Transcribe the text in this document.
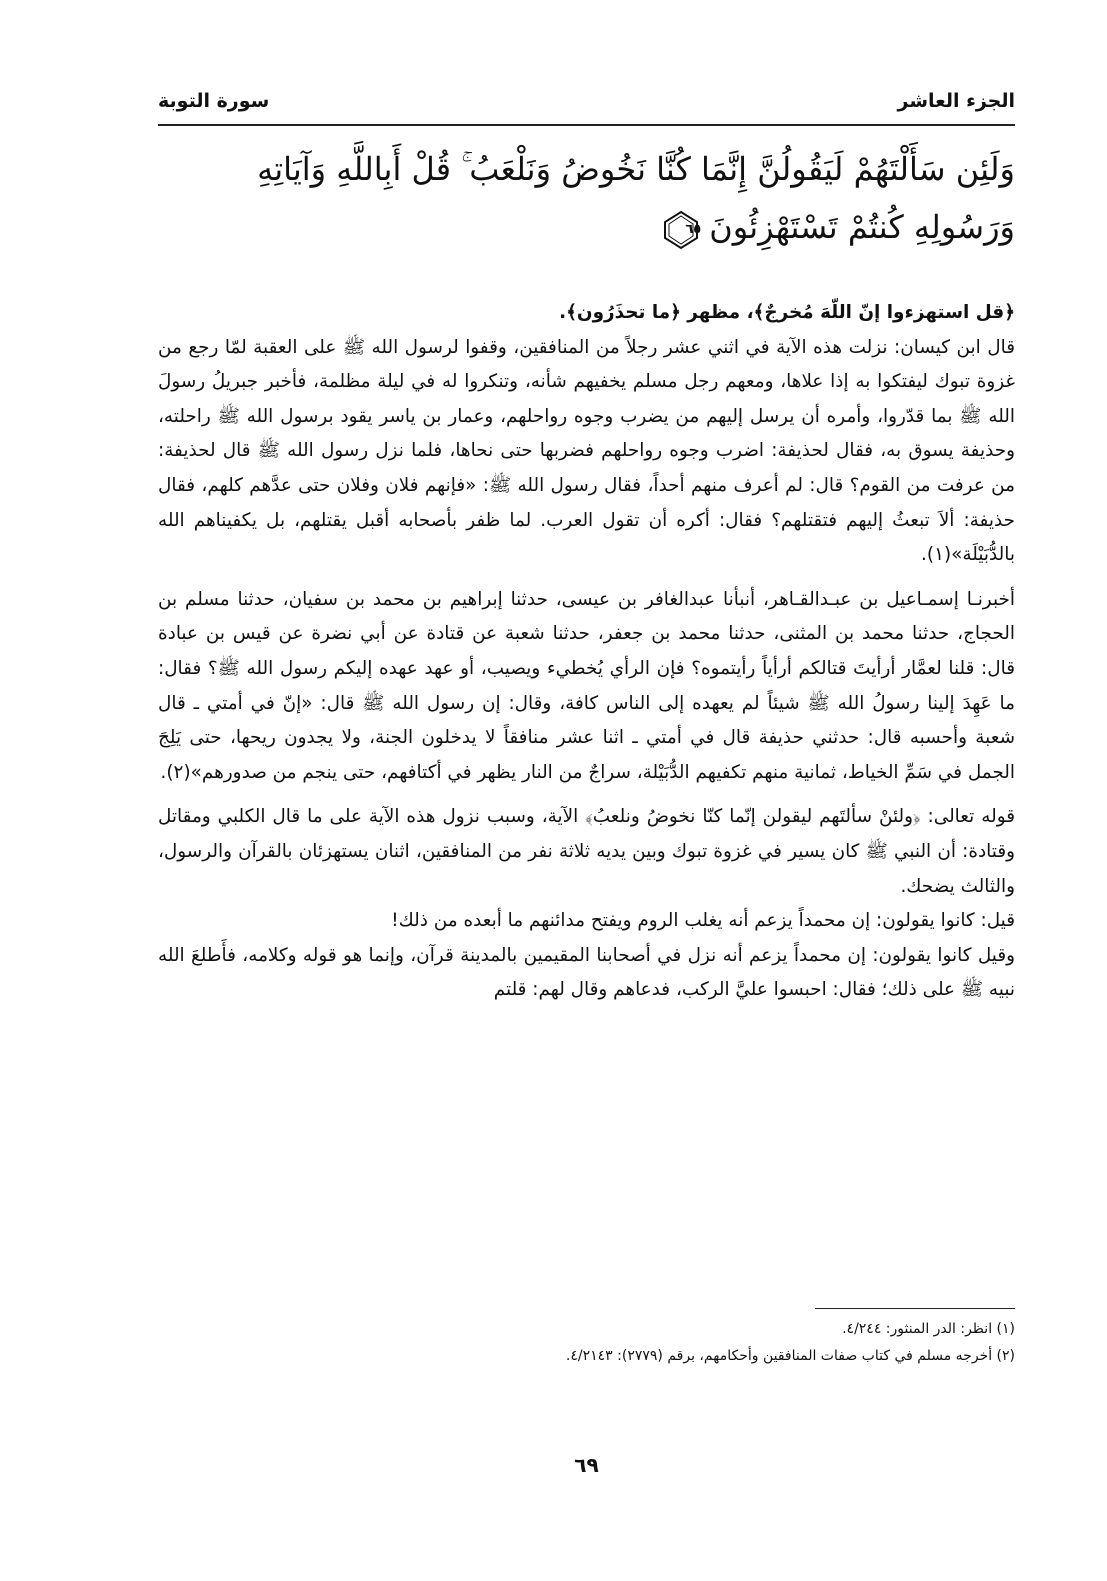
الجزء العاشر
سورة التوبة
وَلَئِن سَأَلْتَهُمْ لَيَقُولُنَّ إِنَّمَا كُنَّا نَخُوضُ وَنَلْعَبُ ۚ قُلْ أَبِاللَّهِ وَآيَاتِهِ
وَرَسُولِهِ كُنتُمْ تَسْتَهْزِئُونَ
٦٥

﴿قل استهزءوا إنّ اللّهَ مُخرجٌ﴾، مظهر ﴿ما تحذَرُون﴾.

قال ابن كيسان: نزلت هذه الآية في اثني عشر رجلاً من المنافقين، وقفوا لرسول الله ﷺ على العقبة لمّا رجع من غزوة تبوك ليفتكوا به إذا علاها، ومعهم رجل مسلم يخفيهم شأنه، وتنكروا له في ليلة مظلمة، فأخبر جبريلُ رسولَ الله ﷺ بما قدّروا، وأمره أن يرسل إليهم من يضرب وجوه رواحلهم، وعمار بن ياسر يقود برسول الله ﷺ راحلته، وحذيفة يسوق به، فقال لحذيفة: اضرب وجوه رواحلهم فضربها حتى نحاها، فلما نزل رسول الله ﷺ قال لحذيفة: من عرفت من القوم؟ قال: لم أعرف منهم أحداً، فقال رسول الله ﷺ: «فإنهم فلان وفلان حتى عدَّهم كلهم، فقال حذيفة: ألاَ تبعثُ إليهم فتقتلهم؟ فقال: أكره أن تقول العرب. لما ظفر بأصحابه أقبل يقتلهم، بل يكفيناهم الله بالدُّبَيْلَة»(١).

أخبرنـا إسمـاعيل بن عبـدالقـاهر، أنبأنا عبدالغافر بن عيسى، حدثنا إبراهيم بن محمد بن سفيان، حدثنا مسلم بن الحجاج، حدثنا محمد بن المثنى، حدثنا محمد بن جعفر، حدثنا شعبة عن قتادة عن أبي نضرة عن قيس بن عبادة قال: قلنا لعمَّار أرأيتَ قتالكم أرأياً رأيتموه؟ فإن الرأي يُخطيء ويصيب، أو عهد عهده إليكم رسول الله ﷺ؟ فقال: ما عَهِدَ إلينا رسولُ الله ﷺ شيئاً لم يعهده إلى الناس كافة، وقال: إن رسول الله ﷺ قال: «إنّ في أمتي ـ قال شعبة وأحسبه قال: حدثني حذيفة قال في أمتي ـ اثنا عشر منافقاً لا يدخلون الجنة، ولا يجدون ريحها، حتى يَلِجَ الجمل في سَمِّ الخياط، ثمانية منهم تكفيهم الدُّبَيْلة، سراجٌ من النار يظهر في أكتافهم، حتى ينجم من صدورهم»(٢).

قوله تعالى: ﴿ولئنْ سألتَهم ليقولن إنّما كنّا نخوضُ ونلعبُ﴾ الآية، وسبب نزول هذه الآية على ما قال الكلبي ومقاتل وقتادة: أن النبي ﷺ كان يسير في غزوة تبوك وبين يديه ثلاثة نفر من المنافقين، اثنان يستهزئان بالقرآن والرسول، والثالث يضحك.

قيل: كانوا يقولون: إن محمداً يزعم أنه يغلب الروم ويفتح مدائنهم ما أبعده من ذلك!

وقيل كانوا يقولون: إن محمداً يزعم أنه نزل في أصحابنا المقيمين بالمدينة قرآن، وإنما هو قوله وكلامه، فأَطلعَ الله نبيه ﷺ على ذلك؛ فقال: احبسوا عليَّ الركب، فدعاهم وقال لهم: قلتم

(١) انظر: الدر المنثور: ٤/٢٤٤.

(٢) أخرجه مسلم في كتاب صفات المنافقين وأحكامهم، برقم (٢٧٧٩): ٤/٢١٤٣.

٦٩
